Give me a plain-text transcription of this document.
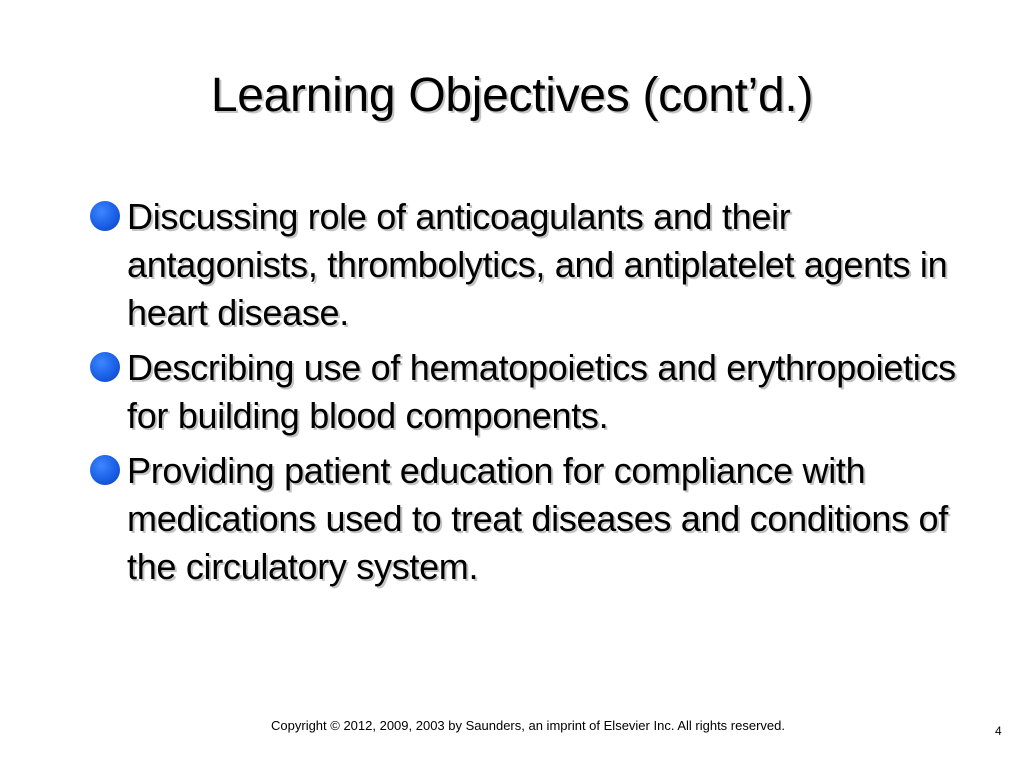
Learning Objectives (cont’d.)
Discussing role of anticoagulants and their antagonists, thrombolytics, and antiplatelet agents in heart disease.
Describing use of hematopoietics and erythropoietics for building blood components.
Providing patient education for compliance with medications used to treat diseases and conditions of the circulatory system.
Copyright © 2012, 2009, 2003 by Saunders, an imprint of Elsevier Inc. All rights reserved.	4
